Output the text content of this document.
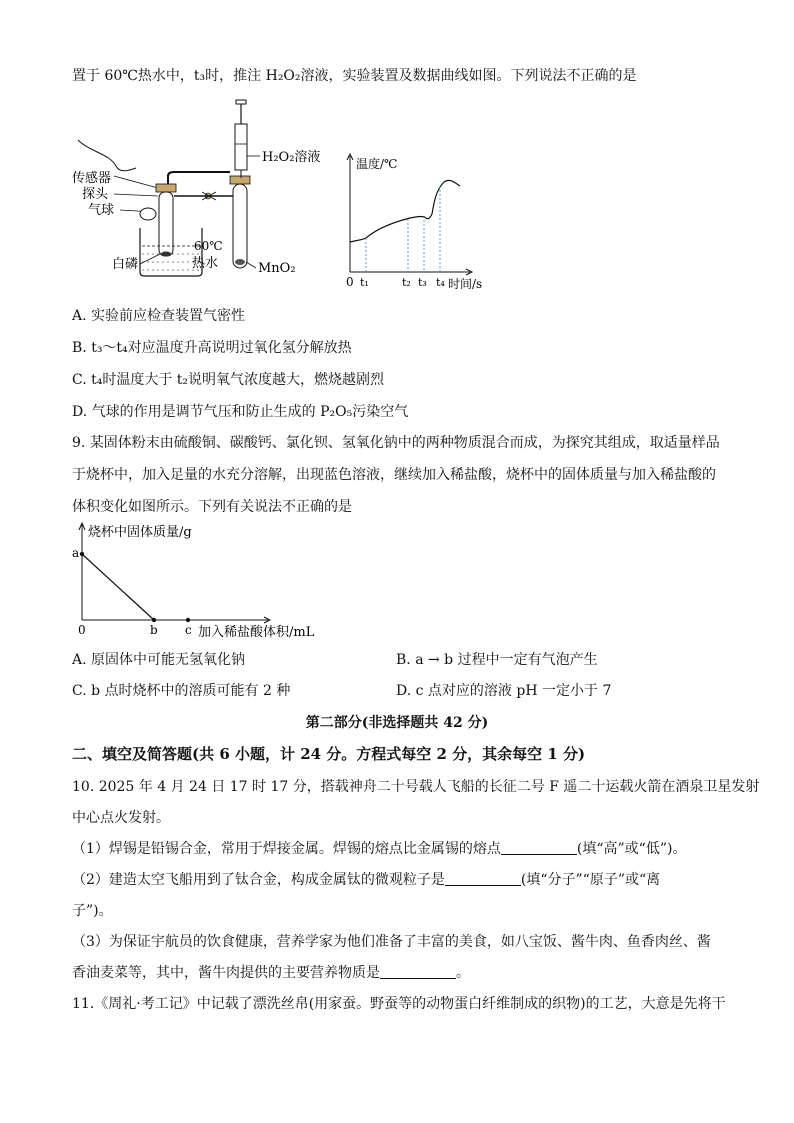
置于 60℃热水中，t₃时，推注 H₂O₂溶液，实验装置及数据曲线如图。下列说法不正确的是
传感器
探头
气球
白磷
60℃
热水
H₂O₂溶液
MnO₂
温度/℃
时间/s
0 t₁	t₂ t₃ t₄
A. 实验前应检查装置气密性
B. t₃～t₄对应温度升高说明过氧化氢分解放热
C. t₄时温度大于 t₂说明氧气浓度越大，燃烧越剧烈
D. 气球的作用是调节气压和防止生成的 P₂O₅污染空气
9. 某固体粉末由硫酸铜、碳酸钙、氯化钡、氢氧化钠中的两种物质混合而成，为探究其组成，取适量样品
于烧杯中，加入足量的水充分溶解，出现蓝色溶液，继续加入稀盐酸，烧杯中的固体质量与加入稀盐酸的
体积变化如图所示。下列有关说法不正确的是
烧杯中固体质量/g
加入稀盐酸体积/mL
0
a
b c
A. 原固体中可能无氢氧化钠	B. a → b 过程中一定有气泡产生
C. b 点时烧杯中的溶质可能有 2 种	D. c 点对应的溶液 pH 一定小于 7
第二部分(非选择题共 42 分)
二、填空及简答题(共 6 小题，计 24 分。方程式每空 2 分，其余每空 1 分)
10. 2025 年 4 月 24 日 17 时 17 分，搭载神舟二十号载人飞船的长征二号 F 遥二十运载火箭在酒泉卫星发射
中心点火发射。
（1）焊锡是铅锡合金，常用于焊接金属。焊锡的熔点比金属锡的熔点	(填“高”或“低”)。
（2）建造太空飞船用到了钛合金，构成金属钛的微观粒子是	(填“分子”“原子”或“离
子”)。
（3）为保证宇航员的饮食健康，营养学家为他们准备了丰富的美食，如八宝饭、酱牛肉、鱼香肉丝、酱
香油麦菜等，其中，酱牛肉提供的主要营养物质是	。
11.《周礼·考工记》中记载了漂洗丝帛(用家蚕。野蚕等的动物蛋白纤维制成的织物)的工艺，大意是先将干
